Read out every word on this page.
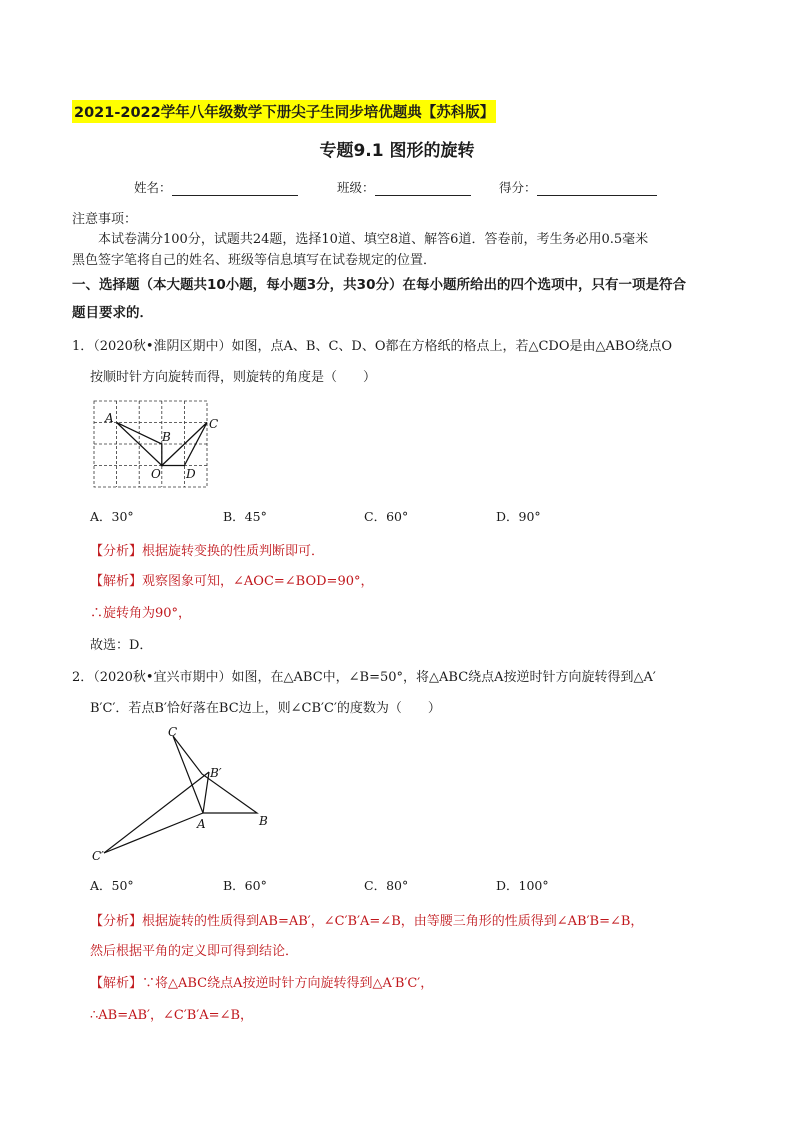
2021-2022学年八年级数学下册尖子生同步培优题典【苏科版】
专题9.1 图形的旋转
姓名：	班级：	得分：
注意事项：
本试卷满分100分，试题共24题，选择10道、填空8道、解答6道．答卷前，考生务必用0.5毫米
黑色签字笔将自己的姓名、班级等信息填写在试卷规定的位置．
一、选择题（本大题共10小题，每小题3分，共30分）在每小题所给出的四个选项中，只有一项是符合
题目要求的．
1．（2020秋•淮阴区期中）如图，点A、B、C、D、O都在方格纸的格点上，若△CDO是由△ABO绕点O
按顺时针方向旋转而得，则旋转的角度是（　　）
A
B
C
O D
A．30°	B．45°	C．60°	D．90°
【分析】根据旋转变换的性质判断即可．
【解析】观察图象可知，∠AOC=∠BOD=90°，
∴旋转角为90°，
故选：D．
2．（2020秋•宜兴市期中）如图，在△ABC中，∠B=50°，将△ABC绕点A按逆时针方向旋转得到△A′
B′C′．若点B′恰好落在BC边上，则∠CB′C′的度数为（　　）
C
B′
A	B
C′
A．50°	B．60°	C．80°	D．100°
【分析】根据旋转的性质得到AB=AB′，∠C′B′A=∠B，由等腰三角形的性质得到∠AB′B=∠B，
然后根据平角的定义即可得到结论．
【解析】∵将△ABC绕点A按逆时针方向旋转得到△A′B′C′，
∴AB=AB′，∠C′B′A=∠B，
